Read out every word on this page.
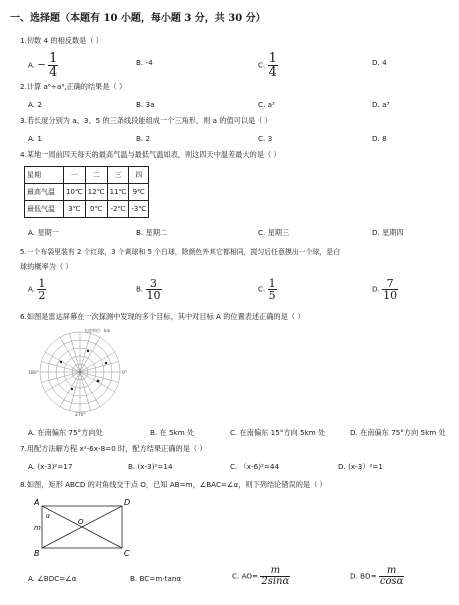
一、选择题（本题有 10 小题，每小题 3 分，共 30 分）
1.仞数 4 的相反数是（ ）
A. − $\frac{1}{4}$	B. -4	C. $\frac{1}{4}$	D. 4
2.计算 a⁶÷a³,正确的结果是（ ）
A. 2	B. 3a	C. a²	D. a³
3.若长度分别为 a、3、5 的三条线段能组成一个三角形，则 a 的值可以是（ ）
A. 1	B. 2	C. 3	D. 8
4.某地一周前四天每天的最高气温与最低气温如表，则这四天中温差最大的是（ ）
星期	一	二	三	四
最高气温	10℃	12℃	11℃	9℃
最低气温	3℃	0℃	-2℃	-3℃
A. 星期一	B. 星期二	C. 星期三	D. 星期四
5.一个布袋里装有 2 个红球，3 个黄球和 5 个白球，除颜色外其它都相同，搅匀后任意摸出一个球，是白
球的概率为（ ）
A. $\frac{1}{2}$	B. $\frac{3}{10}$	C. $\frac{1}{5}$	D. $\frac{7}{10}$
6.如图是雷达屏幕在一次探测中发现的多个目标，其中对目标 A 的位置表述正确的是（ ）
长度单位：km
180°	0°
270°
A. 在南偏东 75°方向处	B. 在 5km 处	C. 在南偏东 15°方向 5km 处	D. 在南偏东 75°方向 5km 处
7.用配方法解方程 x²-6x-8=0 时，配方结果正确的是（ ）
A. (x-3)²=17	B. (x-3)²=14	C. （x-6)²=44	D. (x-3）²=1
8.如图，矩形 ABCD 的对角线交于点 O，已知 AB=m，∠BAC=∠α，则下列结论错误的是（ ）
A
B	C
D
O
m
α
A. ∠BDC=∠α	B. BC=m·tanα	C. $AO= \frac{m}{2\sin\alpha}$	D. $BD= \frac{m}{\cos\alpha}$
